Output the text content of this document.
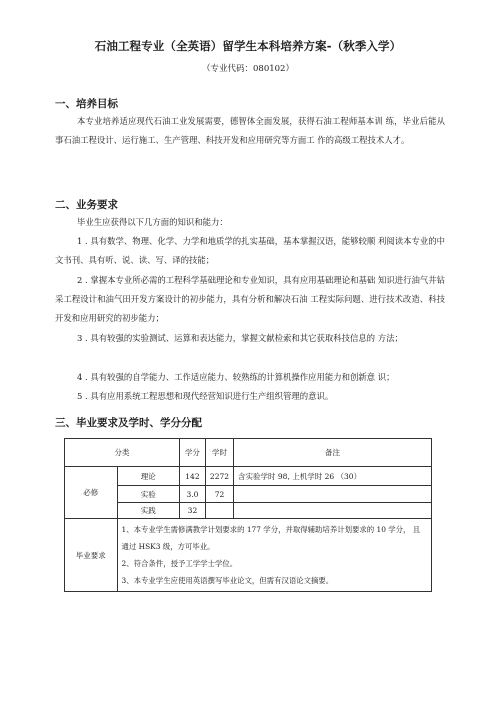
石油工程专业（全英语）留学生本科培养方案-（秋季入学）
（专业代码：080102）
一、培养目标
本专业培养适应现代石油工业发展需要，德智体全面发展，获得石油工程师基本训 练，毕业后能从事石油工程设计、运行施工、生产管理、科技开发和应用研究等方面工 作的高级工程技术人才。
二、业务要求
毕业生应获得以下几方面的知识和能力：
1 . 具有数学、物理、化学、力学和地质学的扎实基础，基本掌握汉语，能够较顺 利阅读本专业的中文书刊、具有听、说、读、写、译的技能；
2 . 掌握本专业所必需的工程科学基础理论和专业知识，具有应用基础理论和基础 知识进行油气井钻采工程设计和油气田开发方案设计的初步能力，具有分析和解决石油 工程实际问题、进行技术改造、科技开发和应用研究的初步能力；
3 . 具有较强的实验测试、运算和表达能力，掌握文献检索和其它获取科技信息的 方法；
4 . 具有较强的自学能力、工作适应能力、较熟练的计算机操作应用能力和创新意 识；
5 . 具有应用系统工程思想和现代经营知识进行生产组织管理的意识。
三、毕业要求及学时、学分分配
分类		学分	学时	备注
必修	理论	142	2272	含实验学时 98, 上机学时 26 （30）
	实验	3.0	72	
	实践	32		
毕业要求	1、本专业学生需修满教学计划要求的 177 学分，并取得辅助培养计划要求的 10 学分， 且通过 HSK3 级，方可毕业。
2、符合条件，授予工学学士学位。
3、本专业学生应使用英语撰写毕业论文，但需有汉语论文摘要。			
